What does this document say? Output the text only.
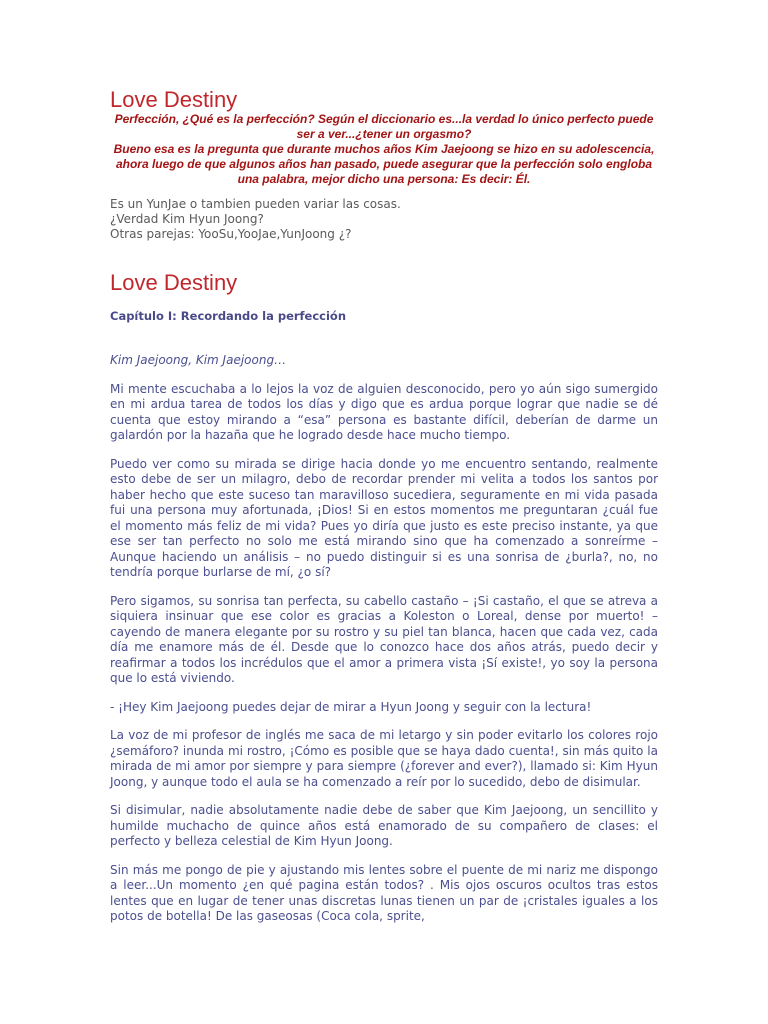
Love Destiny

Perfección, ¿Qué es la perfección? Según el diccionario es...la verdad lo único perfecto puede ser a ver...¿tener un orgasmo?

Bueno esa es la pregunta que durante muchos años Kim Jaejoong se hizo en su adolescencia, ahora luego de que algunos años han pasado, puede asegurar que la perfección solo engloba una palabra, mejor dicho una persona: Es decir: Él.

Es un YunJae o tambien pueden variar las cosas.

¿Verdad Kim Hyun Joong?

Otras parejas: YooSu,YooJae,YunJoong ¿?

Love Destiny
Capítulo I: Recordando la perfección

Kim Jaejoong, Kim Jaejoong…

Mi mente escuchaba a lo lejos la voz de alguien desconocido, pero yo aún sigo sumergido en mi ardua tarea de todos los días y digo que es ardua porque lograr que nadie se dé cuenta que estoy mirando a “esa” persona es bastante difícil, deberían de darme un galardón por la hazaña que he logrado desde hace mucho tiempo.

Puedo ver como su mirada se dirige hacia donde yo me encuentro sentando, realmente esto debe de ser un milagro, debo de recordar prender mi velita a todos los santos por haber hecho que este suceso tan maravilloso sucediera, seguramente en mi vida pasada fui una persona muy afortunada, ¡Dios! Si en estos momentos me preguntaran ¿cuál fue el momento más feliz de mi vida? Pues yo diría que justo es este preciso instante, ya que ese ser tan perfecto no solo me está mirando sino que ha comenzado a sonreírme – Aunque haciendo un análisis – no puedo distinguir si es una sonrisa de ¿burla?, no, no tendría porque burlarse de mí, ¿o sí?

Pero sigamos, su sonrisa tan perfecta, su cabello castaño – ¡Si castaño, el que se atreva a siquiera insinuar que ese color es gracias a Koleston o Loreal, dense por muerto! – cayendo de manera elegante por su rostro y su piel tan blanca, hacen que cada vez, cada día me enamore más de él. Desde que lo conozco hace dos años atrás, puedo decir y reafirmar a todos los incrédulos que el amor a primera vista ¡Sí existe!, yo soy la persona que lo está viviendo.

- ¡Hey Kim Jaejoong puedes dejar de mirar a Hyun Joong y seguir con la lectura!

La voz de mi profesor de inglés me saca de mi letargo y sin poder evitarlo los colores rojo ¿semáforo? inunda mi rostro, ¡Cómo es posible que se haya dado cuenta!, sin más quito la mirada de mi amor por siempre y para siempre (¿forever and ever?), llamado si: Kim Hyun Joong, y aunque todo el aula se ha comenzado a reír por lo sucedido, debo de disimular.

Si disimular, nadie absolutamente nadie debe de saber que Kim Jaejoong, un sencillito y humilde muchacho de quince años está enamorado de su compañero de clases: el perfecto y belleza celestial de Kim Hyun Joong.

Sin más me pongo de pie y ajustando mis lentes sobre el puente de mi nariz me dispongo a leer...Un momento ¿en qué pagina están todos? . Mis ojos oscuros ocultos tras estos lentes que en lugar de tener unas discretas lunas tienen un par de ¡cristales iguales a los potos de botella! De las gaseosas (Coca cola, sprite,
